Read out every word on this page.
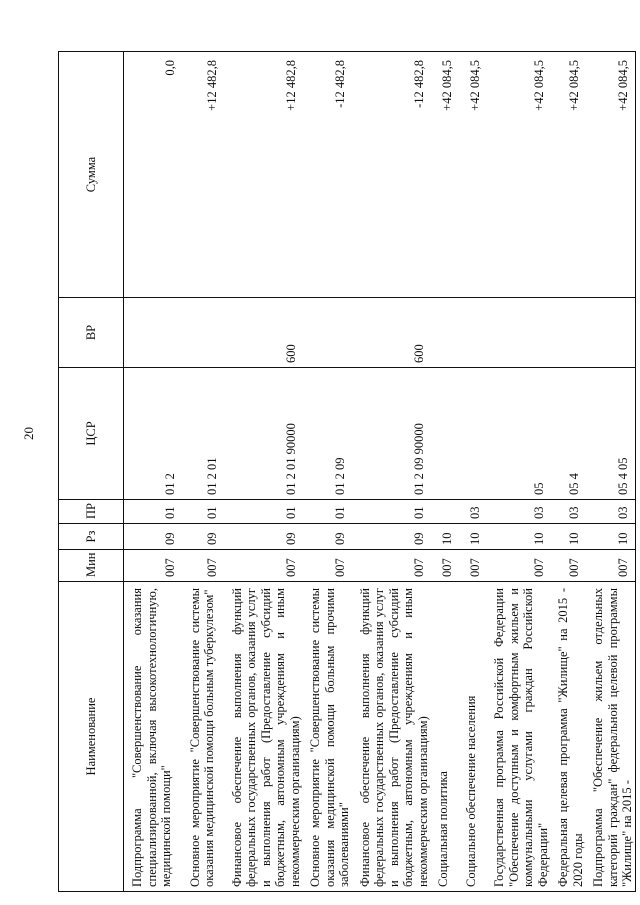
20
Наименование	Мин	Рз	ПР	ЦСР	ВР	Сумма
Подпрограмма "Совершенствование оказания специализированной, включая высокотехнологичную, медицинской помощи"	007	09	01	01 2		0,0
Основное мероприятие "Совершенствование системы оказания медицинской помощи больным туберкулезом"	007	09	01	01 2 01		+12 482,8
Финансовое обеспечение выполнения функций федеральных государственных органов, оказания услуг и выполнения работ (Предоставление субсидий бюджетным, автономным учреждениям и иным некоммерческим организациям)	007	09	01	01 2 01 90000	600	+12 482,8
Основное мероприятие "Совершенствование системы оказания медицинской помощи больным прочими заболеваниями"	007	09	01	01 2 09		-12 482,8
Финансовое обеспечение выполнения функций федеральных государственных органов, оказания услуг и выполнения работ (Предоставление субсидий бюджетным, автономным учреждениям и иным некоммерческим организациям)	007	09	01	01 2 09 90000	600	-12 482,8
Социальная политика	007	10				+42 084,5
Социальное обеспечение населения	007	10	03			+42 084,5
Государственная программа Российской Федерации "Обеспечение доступным и комфортным жильем и коммунальными услугами граждан Российской Федерации"	007	10	03	05		+42 084,5
Федеральная целевая программа "Жилище" на 2015 - 2020 годы	007	10	03	05 4		+42 084,5
Подпрограмма "Обеспечение жильем отдельных категорий граждан" федеральной целевой программы "Жилище" на 2015 -	007	10	03	05 4 05		+42 084,5
